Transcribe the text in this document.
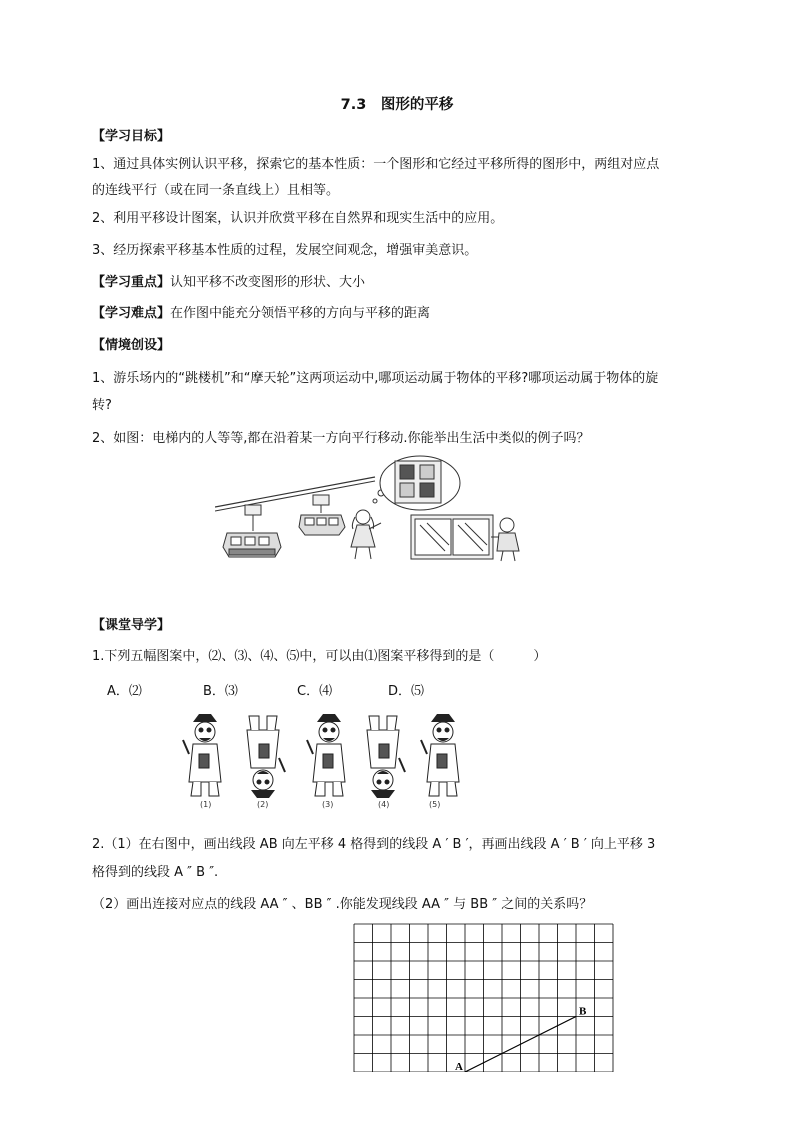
7.3　图形的平移
【学习目标】
1、通过具体实例认识平移，探索它的基本性质：一个图形和它经过平移所得的图形中，两组对应点
的连线平行（或在同一条直线上）且相等。
2、利用平移设计图案，认识并欣赏平移在自然界和现实生活中的应用。
3、经历探索平移基本性质的过程，发展空间观念，增强审美意识。
【学习重点】认知平移不改变图形的形状、大小
【学习难点】在作图中能充分领悟平移的方向与平移的距离
【情境创设】
1、游乐场内的“跳楼机”和“摩天轮”这两项运动中,哪项运动属于物体的平移?哪项运动属于物体的旋
转?
2、如图：电梯内的人等等,都在沿着某一方向平行移动.你能举出生活中类似的例子吗？
【课堂导学】
1.下列五幅图案中，⑵、⑶、⑷、⑸中，可以由⑴图案平移得到的是（　　　）
A．⑵	B．⑶	C．⑷	D．⑸
(1)	(2)	(3)	(4)	(5)
2.（1）在右图中，画出线段 AB 向左平移 4 格得到的线段 A ′ B ′，再画出线段 A ′ B ′ 向上平移 3
格得到的线段 A ″ B ″.
（2）画出连接对应点的线段 AA ″ 、BB ″ .你能发现线段 AA ″ 与 BB ″ 之间的关系吗？
A
B
